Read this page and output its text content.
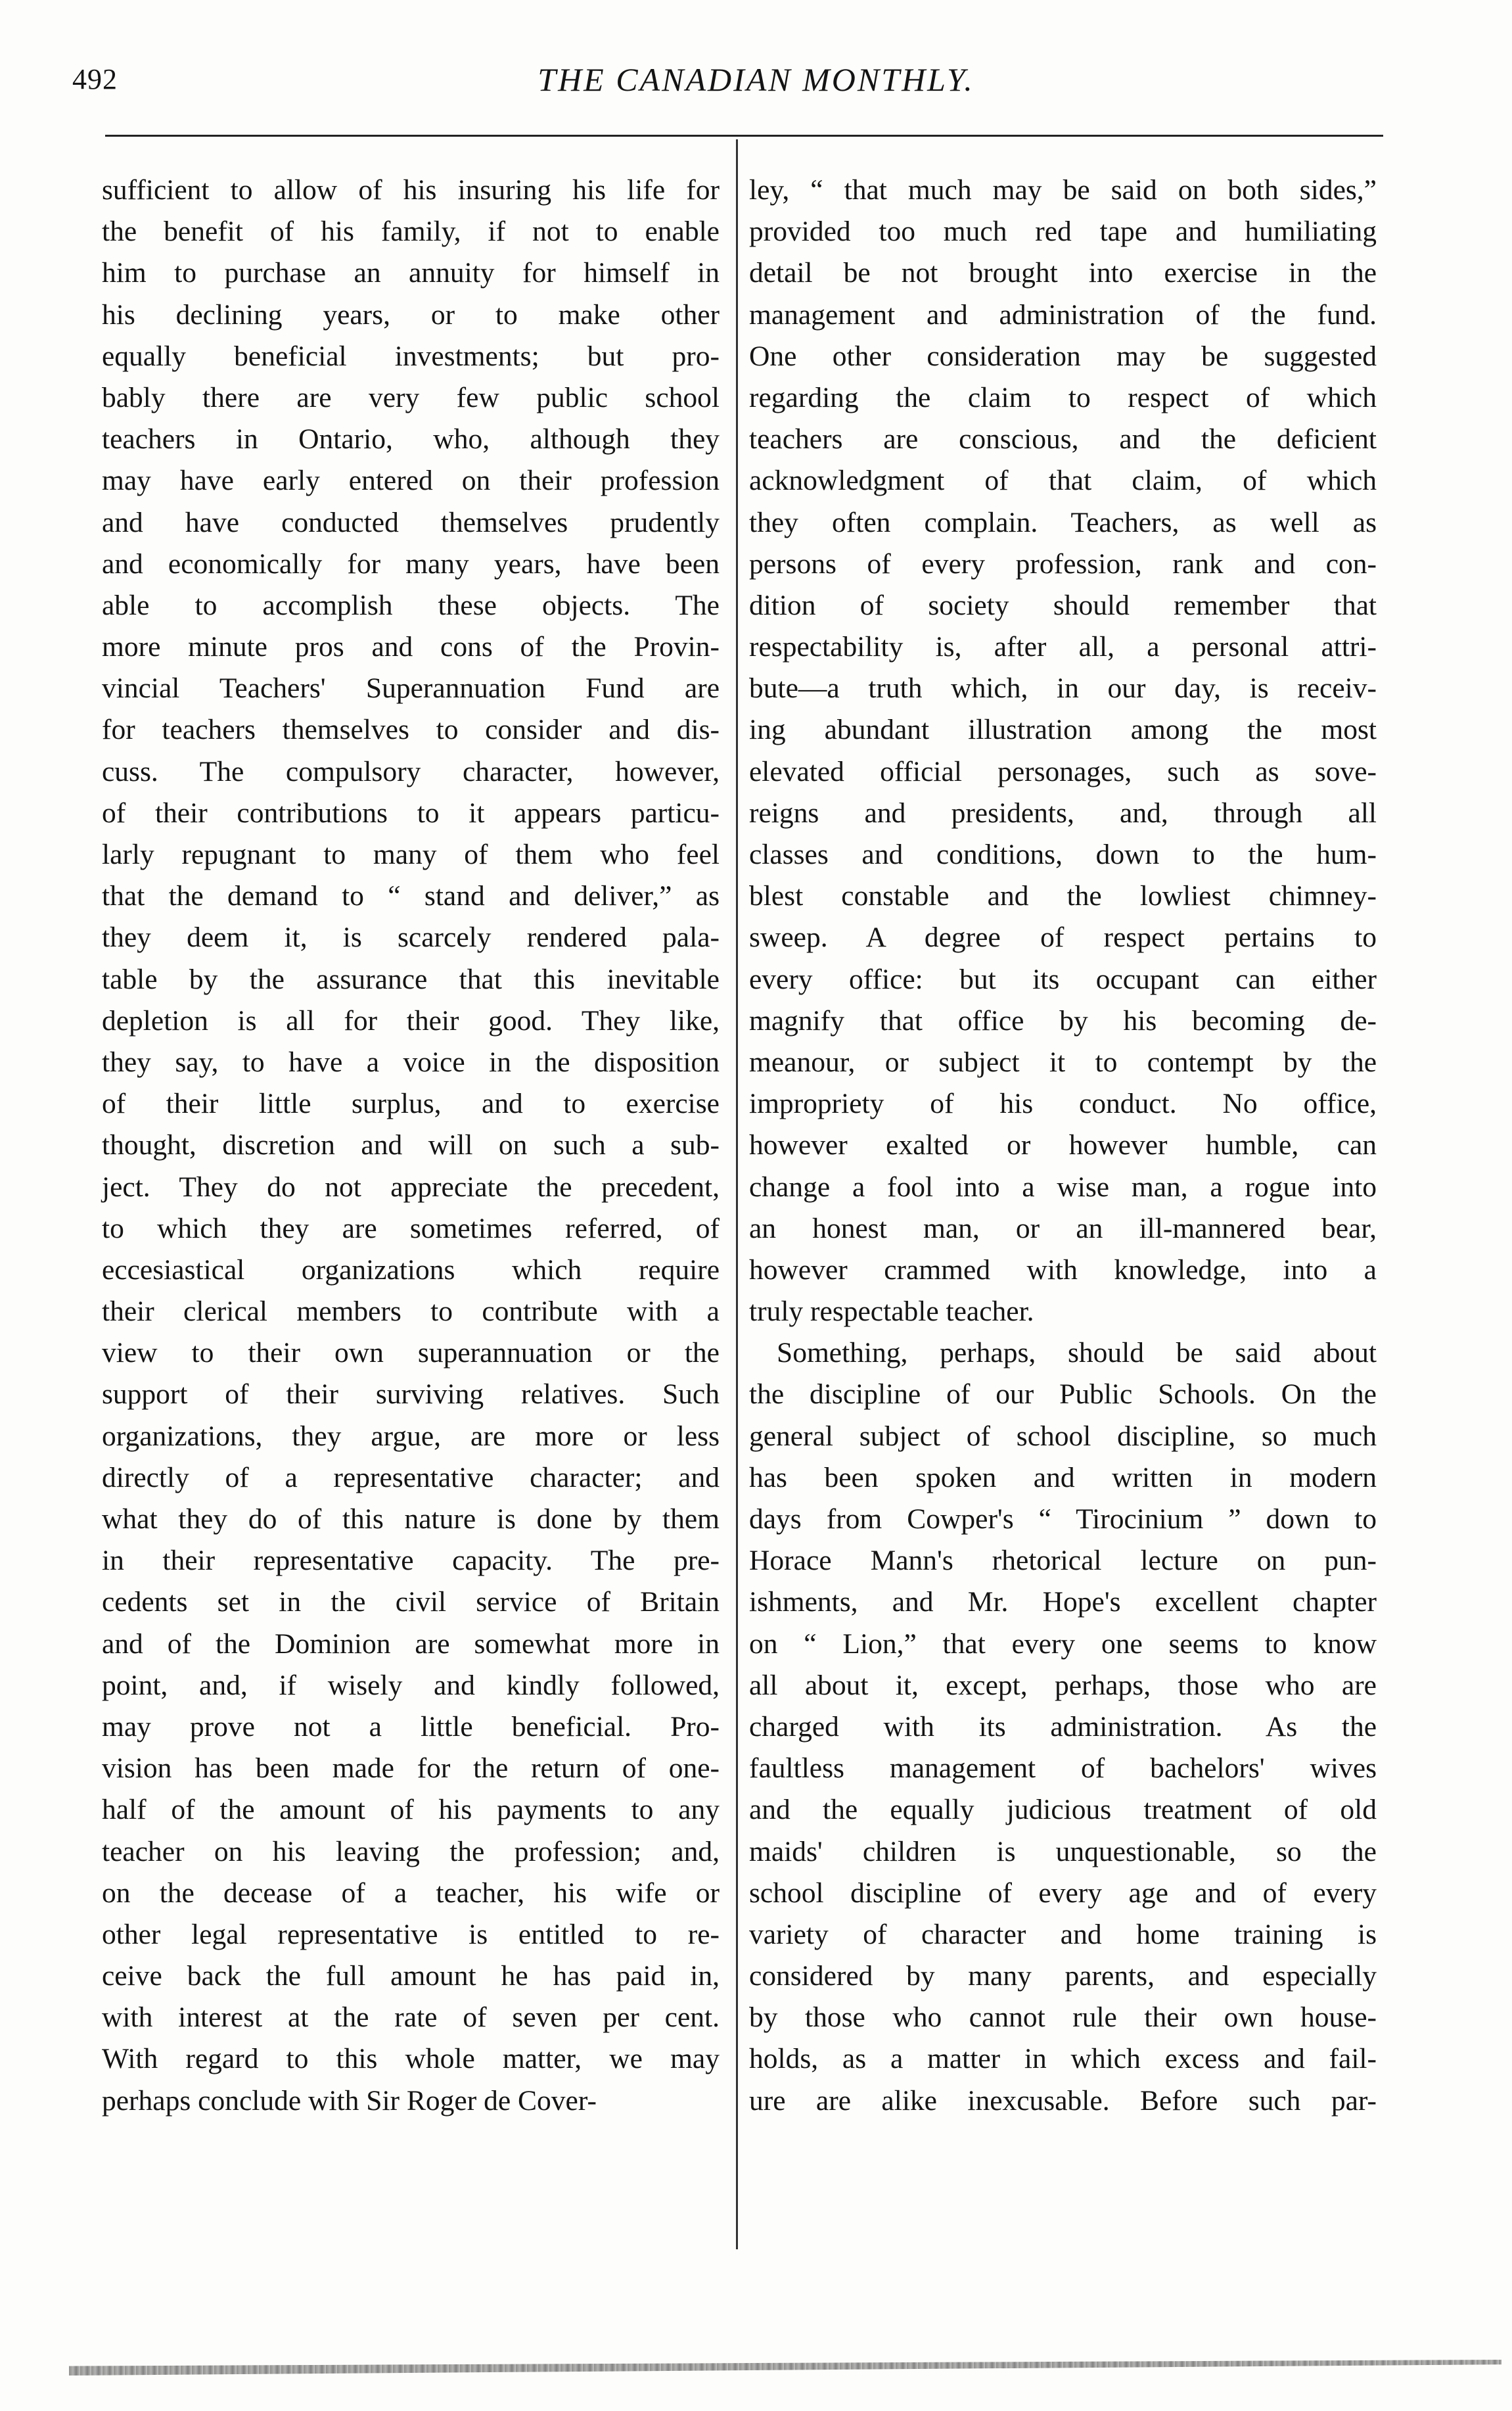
492	THE CANADIAN MONTHLY.
sufficient to allow of his insuring his life for
the benefit of his family, if not to enable
him to purchase an annuity for himself in
his declining years, or to make other
equally beneficial investments; but pro-
bably there are very few public school
teachers in Ontario, who, although they
may have early entered on their profession
and have conducted themselves prudently
and economically for many years, have been
able to accomplish these objects. The
more minute pros and cons of the Provin-
vincial Teachers' Superannuation Fund are
for teachers themselves to consider and dis-
cuss. The compulsory character, however,
of their contributions to it appears particu-
larly repugnant to many of them who feel
that the demand to “ stand and deliver,” as
they deem it, is scarcely rendered pala-
table by the assurance that this inevitable
depletion is all for their good. They like,
they say, to have a voice in the disposition
of their little surplus, and to exercise
thought, discretion and will on such a sub-
ject. They do not appreciate the precedent,
to which they are sometimes referred, of
eccesiastical organizations which require
their clerical members to contribute with a
view to their own superannuation or the
support of their surviving relatives. Such
organizations, they argue, are more or less
directly of a representative character; and
what they do of this nature is done by them
in their representative capacity. The pre-
cedents set in the civil service of Britain
and of the Dominion are somewhat more in
point, and, if wisely and kindly followed,
may prove not a little beneficial. Pro-
vision has been made for the return of one-
half of the amount of his payments to any
teacher on his leaving the profession; and,
on the decease of a teacher, his wife or
other legal representative is entitled to re-
ceive back the full amount he has paid in,
with interest at the rate of seven per cent.
With regard to this whole matter, we may
perhaps conclude with Sir Roger de Cover-
ley, “ that much may be said on both sides,”
provided too much red tape and humiliating
detail be not brought into exercise in the
management and administration of the fund.
One other consideration may be suggested
regarding the claim to respect of which
teachers are conscious, and the deficient
acknowledgment of that claim, of which
they often complain. Teachers, as well as
persons of every profession, rank and con-
dition of society should remember that
respectability is, after all, a personal attri-
bute—a truth which, in our day, is receiv-
ing abundant illustration among the most
elevated official personages, such as sove-
reigns and presidents, and, through all
classes and conditions, down to the hum-
blest constable and the lowliest chimney-
sweep. A degree of respect pertains to
every office: but its occupant can either
magnify that office by his becoming de-
meanour, or subject it to contempt by the
impropriety of his conduct. No office,
however exalted or however humble, can
change a fool into a wise man, a rogue into
an honest man, or an ill-mannered bear,
however crammed with knowledge, into a
truly respectable teacher.
Something, perhaps, should be said about
the discipline of our Public Schools. On the
general subject of school discipline, so much
has been spoken and written in modern
days from Cowper's “ Tirocinium ” down to
Horace Mann's rhetorical lecture on pun-
ishments, and Mr. Hope's excellent chapter
on “ Lion,” that every one seems to know
all about it, except, perhaps, those who are
charged with its administration. As the
faultless management of bachelors' wives
and the equally judicious treatment of old
maids' children is unquestionable, so the
school discipline of every age and of every
variety of character and home training is
considered by many parents, and especially
by those who cannot rule their own house-
holds, as a matter in which excess and fail-
ure are alike inexcusable. Before such par-
